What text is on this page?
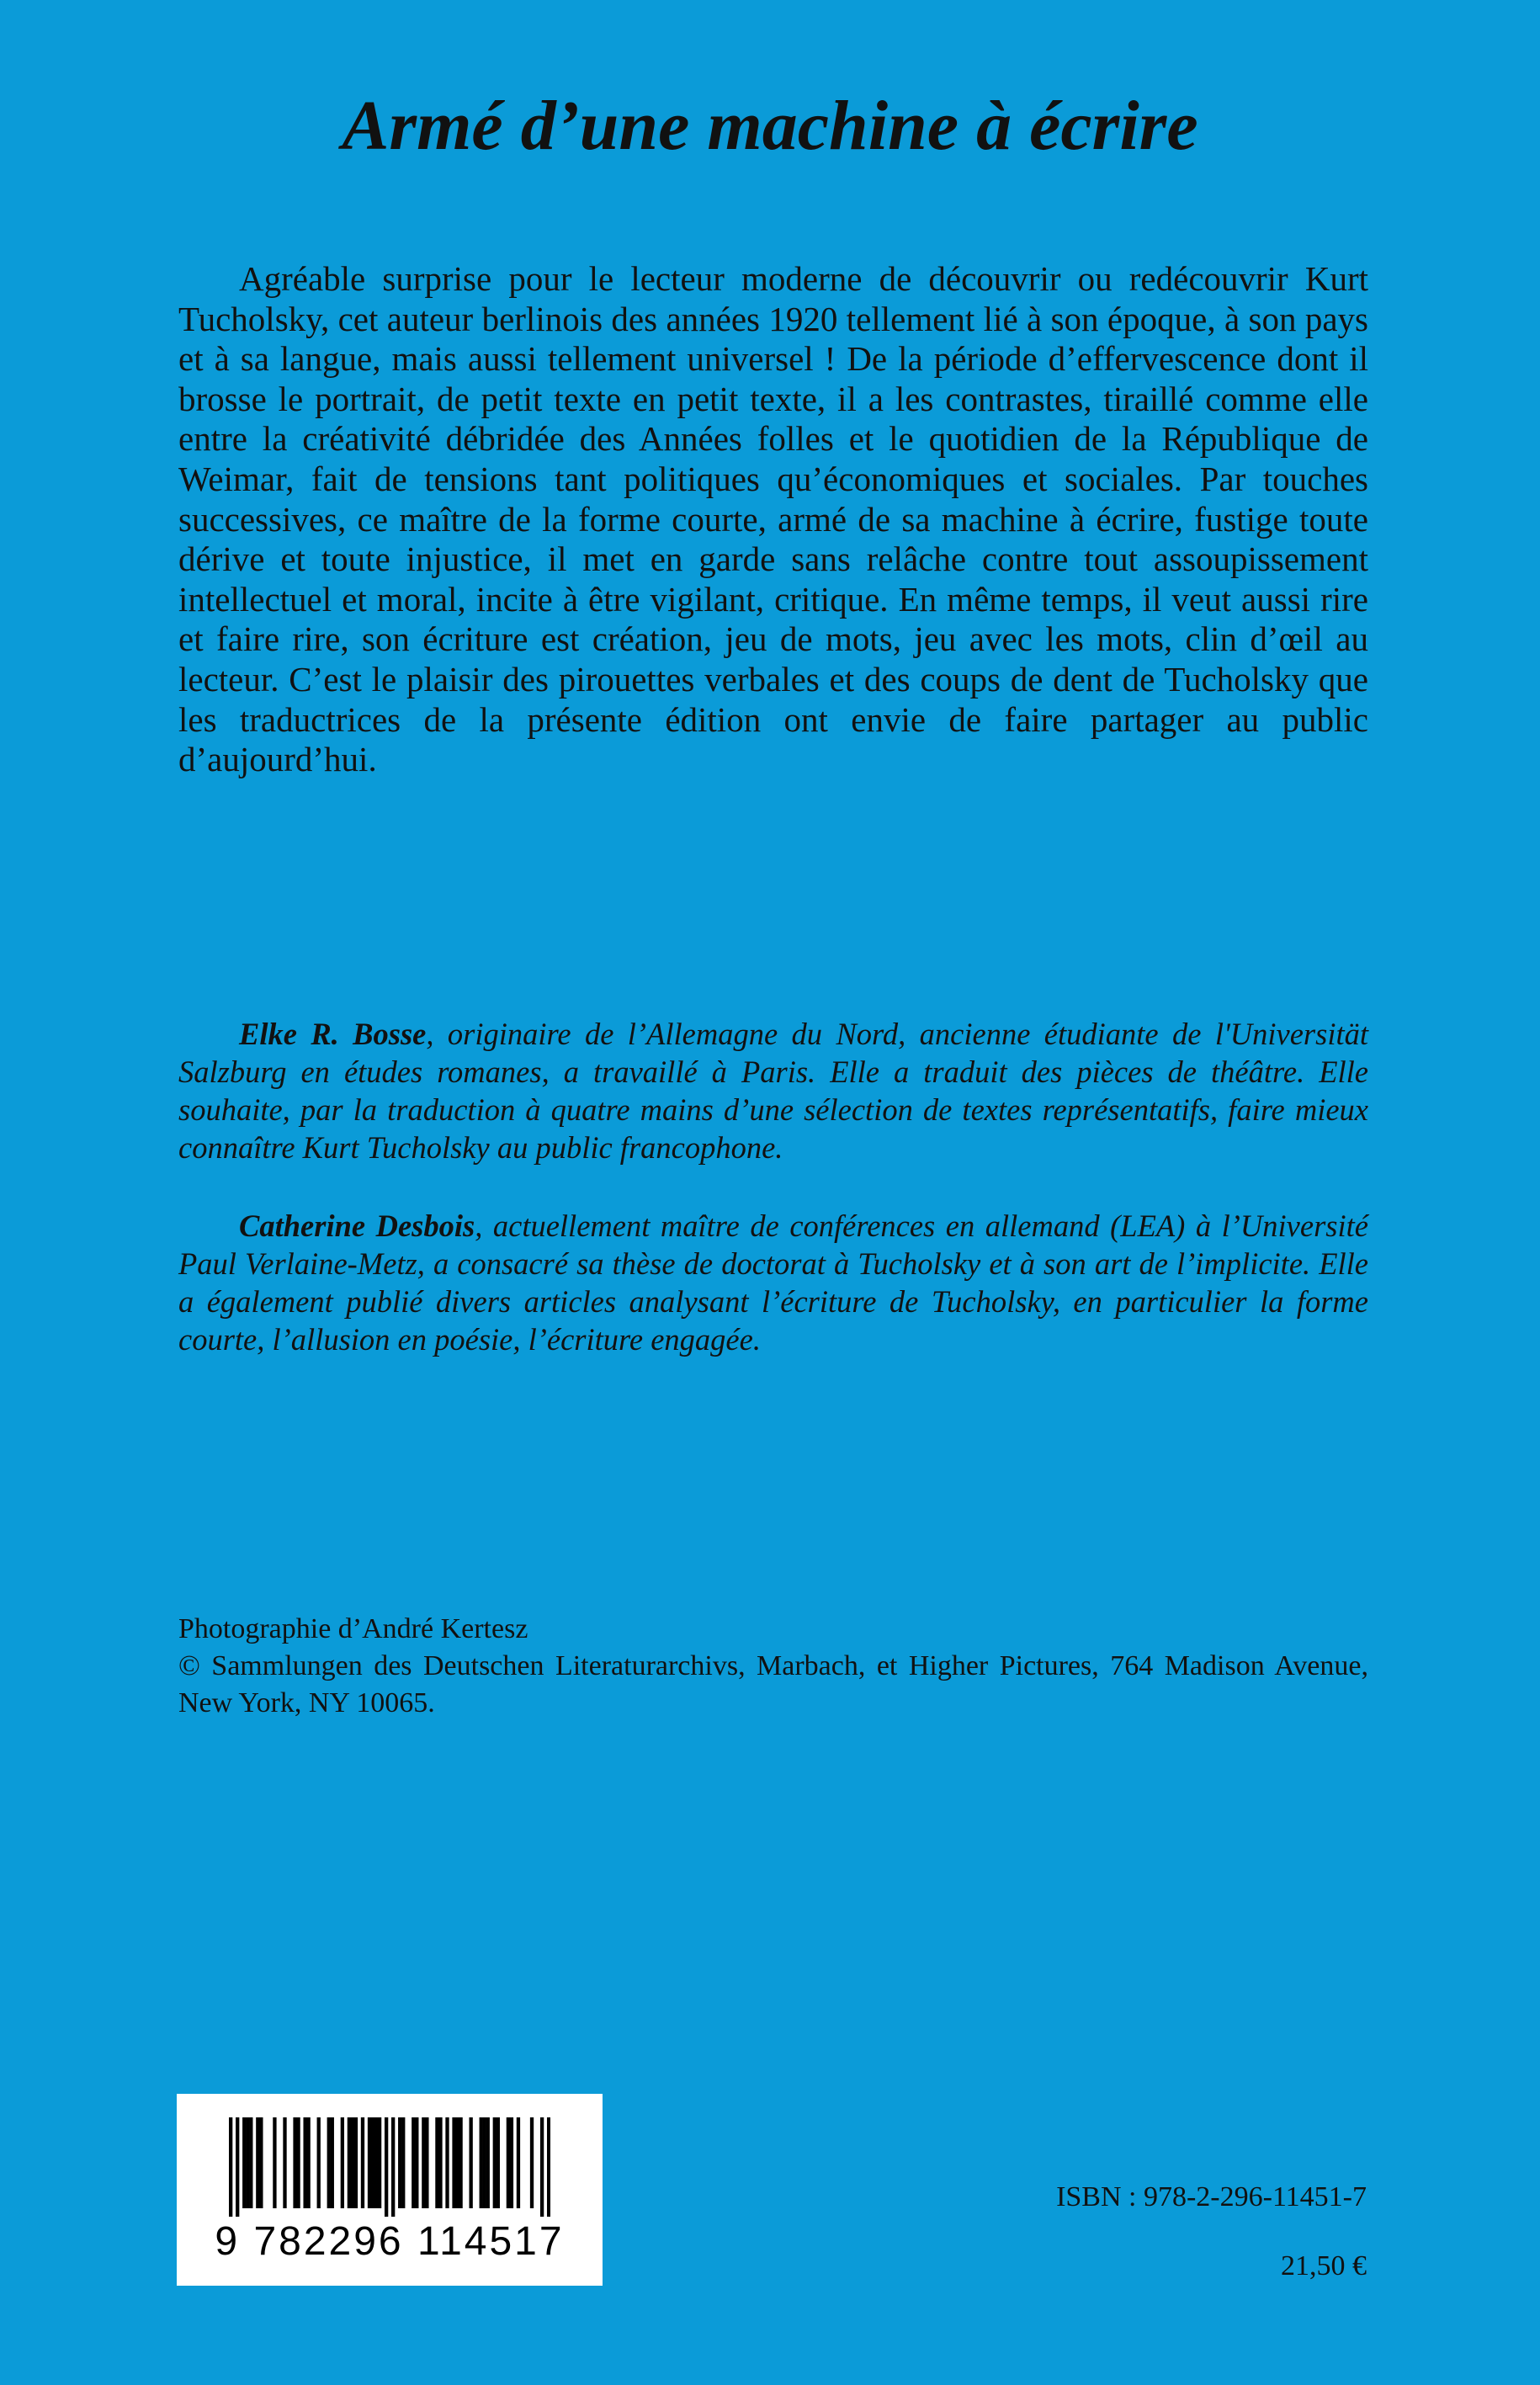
Armé d’une machine à écrire

Agréable surprise pour le lecteur moderne de découvrir ou redécouvrir Kurt Tucholsky, cet auteur berlinois des années 1920 tellement lié à son époque, à son pays et à sa langue, mais aussi tellement universel ! De la période d’effervescence dont il brosse le portrait, de petit texte en petit texte, il a les contrastes, tiraillé comme elle entre la créativité débridée des Années folles et le quotidien de la République de Weimar, fait de tensions tant politiques qu’économiques et sociales. Par touches successives, ce maître de la forme courte, armé de sa machine à écrire, fustige toute dérive et toute injustice, il met en garde sans relâche contre tout assoupissement intellectuel et moral, incite à être vigilant, critique. En même temps, il veut aussi rire et faire rire, son écriture est création, jeu de mots, jeu avec les mots, clin d’œil au lecteur. C’est le plaisir des pirouettes verbales et des coups de dent de Tucholsky que les traductrices de la présente édition ont envie de faire partager au public d’aujourd’hui.

Elke R. Bosse, originaire de l’Allemagne du Nord, ancienne étudiante de l'Universität Salzburg en études romanes, a travaillé à Paris. Elle a traduit des pièces de théâtre. Elle souhaite, par la traduction à quatre mains d’une sélection de textes représentatifs, faire mieux connaître Kurt Tucholsky au public francophone.

Catherine Desbois, actuellement maître de conférences en allemand (LEA) à l’Université Paul Verlaine-Metz, a consacré sa thèse de doctorat à Tucholsky et à son art de l’implicite. Elle a également publié divers articles analysant l’écriture de Tucholsky, en particulier la forme courte, l’allusion en poésie, l’écriture engagée.

Photographie d’André Kertesz
© Sammlungen des Deutschen Literaturarchivs, Marbach, et Higher Pictures, 764 Madison Avenue, New York, NY 10065.

9 782296 114517

ISBN : 978-2-296-11451-7

21,50 €
